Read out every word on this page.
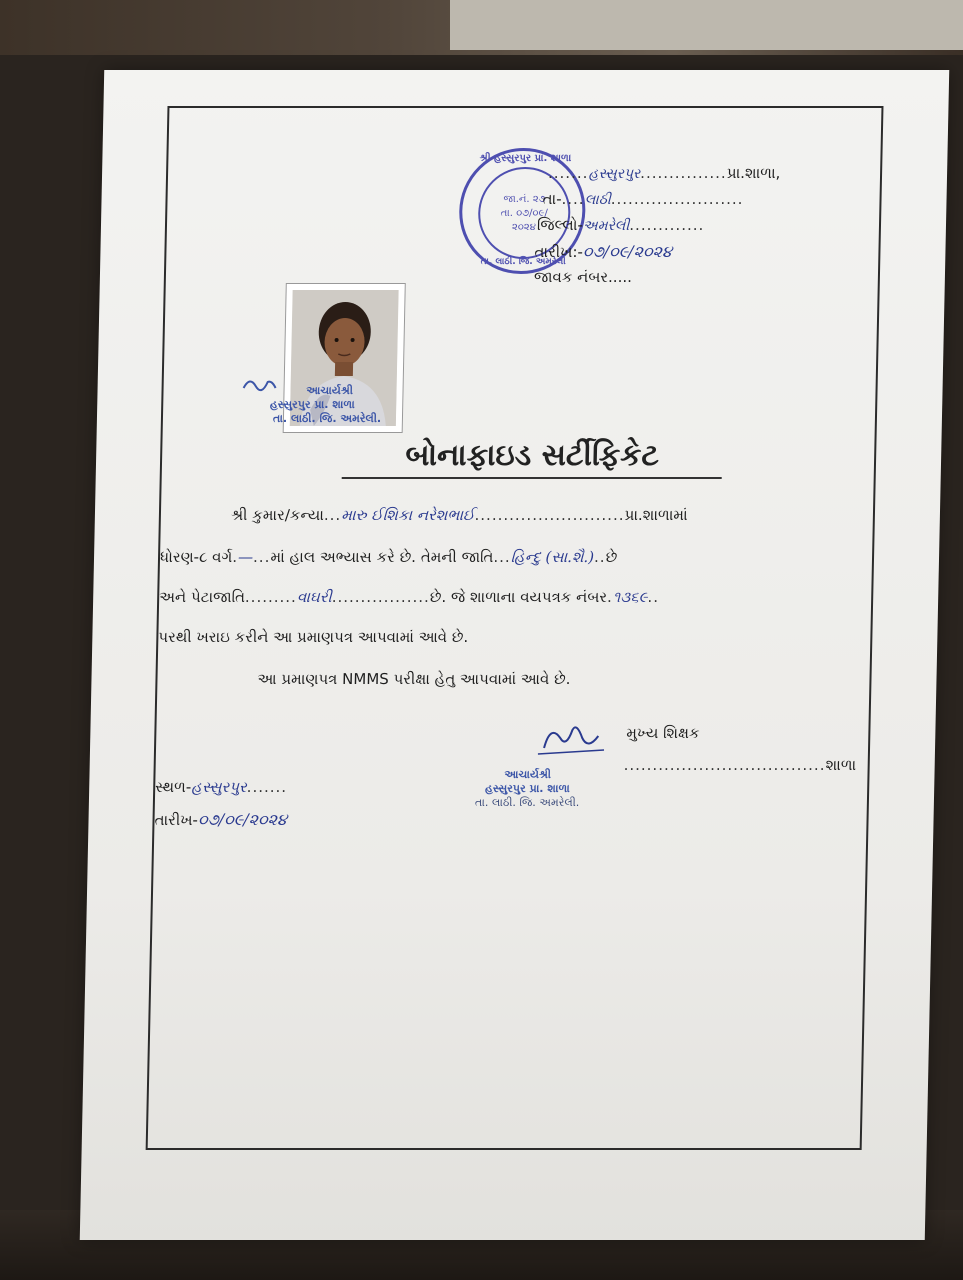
શ્રી હસ્સુરપુર પ્રા. શાળા
જા.નં. ૨૭
તા. ૦૭/૦૯/
૨૦૨૪
તા. લાઠી. જિ. અમરેલી
.......હસ્સુરપુર...............પ્રા.શાળા,
તા-....લાઠી.......................
જિલ્લો-અમરેલી.............
તારીખ:-૦૭/૦૯/૨૦૨૪
જાવક નંબર.....
આચાર્યશ્રી
હસ્સુરપુર પ્રા. શાળા
તા. લાઠી. જિ. અમરેલી.
બોનાફાઇડ સર્ટીફિકેટ
શ્રી કુમાર/કન્યા...મારુ ઈશિકા નરેશભાઈ..........................પ્રા.શાળામાં
ધોરણ-૮ વર્ગ.—...માં હાલ અભ્યાસ કરે છે. તેમની જાતિ...હિન્દુ (સા.શૈ.)..છે
અને પેટાજાતિ.........વાઘરી.................છે. જે શાળાના વયપત્રક નંબર.૧૩૬૯..
પરથી ખરાઇ કરીને આ પ્રમાણપત્ર આપવામાં આવે છે.
આ પ્રમાણપત્ર NMMS પરીક્ષા હેતુ આપવામાં આવે છે.
મુખ્ય શિક્ષક
...................................શાળા
આચાર્યશ્રી
હસ્સુરપુર પ્રા. શાળા
તા. લાઠી. જિ. અમરેલી.
સ્થળ-હસ્સુરપુર.......
તારીખ-૦૭/૦૯/૨૦૨૪
